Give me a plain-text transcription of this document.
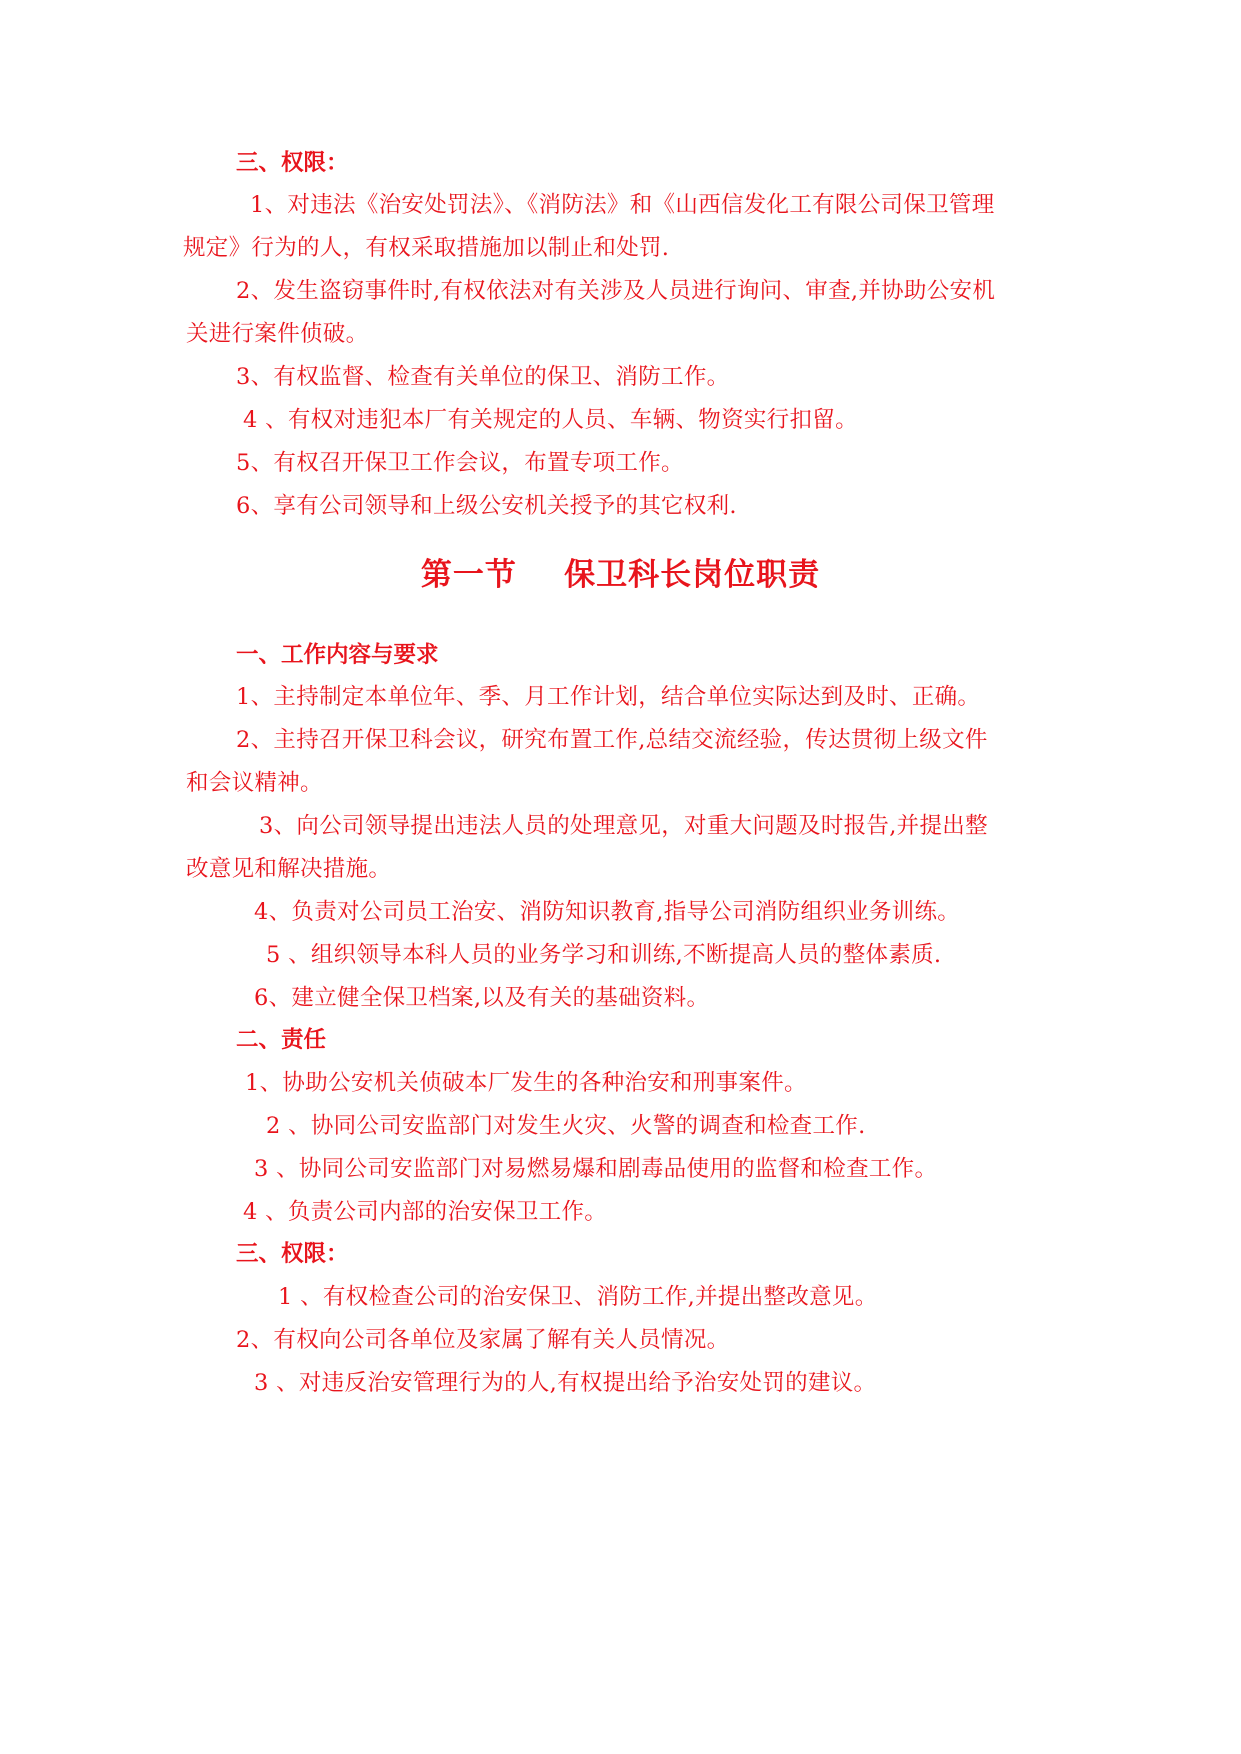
三、权限：
1、对违法《治安处罚法》、《消防法》和《山西信发化工有限公司保卫管理
规定》行为的人，有权采取措施加以制止和处罚.
2、发生盗窃事件时,有权依法对有关涉及人员进行询问、审查,并协助公安机
关进行案件侦破。
3、有权监督、检查有关单位的保卫、消防工作。
4 、有权对违犯本厂有关规定的人员、车辆、物资实行扣留。
5、有权召开保卫工作会议，布置专项工作。
6、享有公司领导和上级公安机关授予的其它权利.
第一节    保卫科长岗位职责
一、工作内容与要求
1、主持制定本单位年、季、月工作计划，结合单位实际达到及时、正确。
2、主持召开保卫科会议，研究布置工作,总结交流经验，传达贯彻上级文件
和会议精神。
3、向公司领导提出违法人员的处理意见，对重大问题及时报告,并提出整
改意见和解决措施。
4、负责对公司员工治安、消防知识教育,指导公司消防组织业务训练。
5 、组织领导本科人员的业务学习和训练,不断提高人员的整体素质.
6、建立健全保卫档案,以及有关的基础资料。
二、责任
1、协助公安机关侦破本厂发生的各种治安和刑事案件。
2 、协同公司安监部门对发生火灾、火警的调查和检查工作.
3 、协同公司安监部门对易燃易爆和剧毒品使用的监督和检查工作。
4 、负责公司内部的治安保卫工作。
三、权限：
1 、有权检查公司的治安保卫、消防工作,并提出整改意见。
2、有权向公司各单位及家属了解有关人员情况。
3 、对违反治安管理行为的人,有权提出给予治安处罚的建议。
